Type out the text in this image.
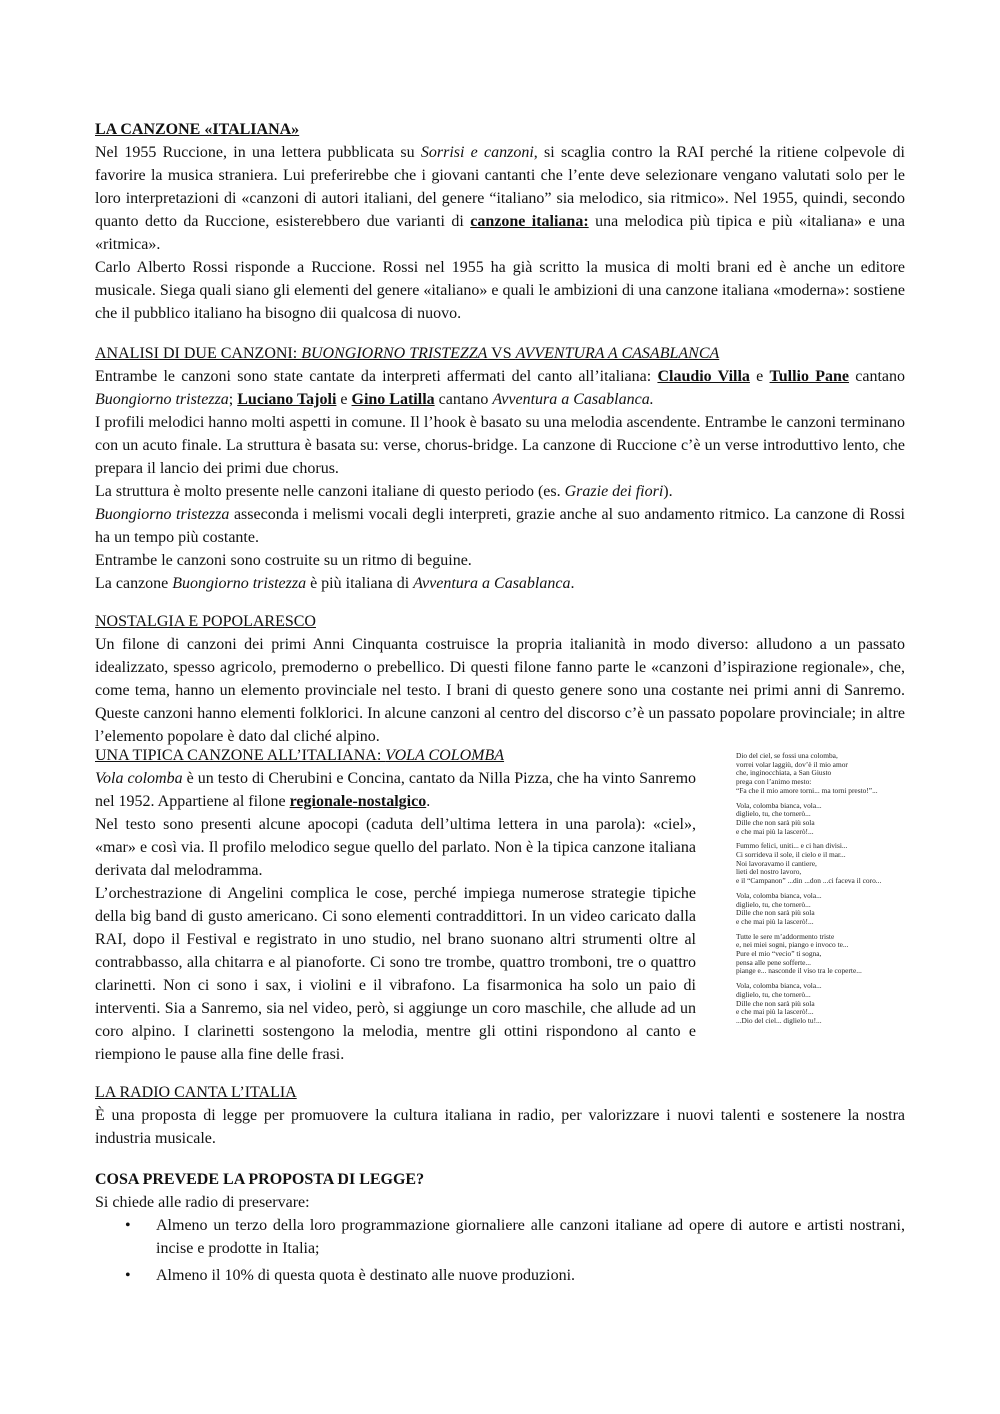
LA CANZONE «ITALIANA»

Nel 1955 Ruccione, in una lettera pubblicata su Sorrisi e canzoni, si scaglia contro la RAI perché la ritiene colpevole di favorire la musica straniera. Lui preferirebbe che i giovani cantanti che l’ente deve selezionare vengano valutati solo per le loro interpretazioni di «canzoni di autori italiani, del genere “italiano” sia melodico, sia ritmico». Nel 1955, quindi, secondo quanto detto da Ruccione, esisterebbero due varianti di canzone italiana: una melodica più tipica e più «italiana» e una «ritmica».

Carlo Alberto Rossi risponde a Ruccione. Rossi nel 1955 ha già scritto la musica di molti brani ed è anche un editore musicale. Siega quali siano gli elementi del genere «italiano» e quali le ambizioni di una canzone italiana «moderna»: sostiene che il pubblico italiano ha bisogno dii qualcosa di nuovo.

ANALISI DI DUE CANZONI: BUONGIORNO TRISTEZZA VS AVVENTURA A CASABLANCA

Entrambe le canzoni sono state cantate da interpreti affermati del canto all’italiana: Claudio Villa e Tullio Pane cantano Buongiorno tristezza; Luciano Tajoli e Gino Latilla cantano Avventura a Casablanca.

I profili melodici hanno molti aspetti in comune. Il l’hook è basato su una melodia ascendente. Entrambe le canzoni terminano con un acuto finale. La struttura è basata su: verse, chorus-bridge. La canzone di Ruccione c’è un verse introduttivo lento, che prepara il lancio dei primi due chorus.

La struttura è molto presente nelle canzoni italiane di questo periodo (es. Grazie dei fiori).

Buongiorno tristezza asseconda i melismi vocali degli interpreti, grazie anche al suo andamento ritmico. La canzone di Rossi ha un tempo più costante.

Entrambe le canzoni sono costruite su un ritmo di beguine.

La canzone Buongiorno tristezza è più italiana di Avventura a Casablanca.

NOSTALGIA E POPOLARESCO

Un filone di canzoni dei primi Anni Cinquanta costruisce la propria italianità in modo diverso: alludono a un passato idealizzato, spesso agricolo, premoderno o prebellico. Di questi filone fanno parte le «canzoni d’ispirazione regionale», che, come tema, hanno un elemento provinciale nel testo. I brani di questo genere sono una costante nei primi anni di Sanremo. Queste canzoni hanno elementi folklorici. In alcune canzoni al centro del discorso c’è un passato popolare provinciale; in altre l’elemento popolare è dato dal cliché alpino.

UNA TIPICA CANZONE ALL’ITALIANA: VOLA COLOMBA

Vola colomba è un testo di Cherubini e Concina, cantato da Nilla Pizza, che ha vinto Sanremo nel 1952. Appartiene al filone regionale-nostalgico.

Nel testo sono presenti alcune apocopi (caduta dell’ultima lettera in una parola): «ciel», «mar» e così via. Il profilo melodico segue quello del parlato. Non è la tipica canzone italiana derivata dal melodramma.

L’orchestrazione di Angelini complica le cose, perché impiega numerose strategie tipiche della big band di gusto americano. Ci sono elementi contraddittori. In un video caricato dalla RAI, dopo il Festival e registrato in uno studio, nel brano suonano altri strumenti oltre al contrabbasso, alla chitarra e al pianoforte. Ci sono tre trombe, quattro tromboni, tre o quattro clarinetti. Non ci sono i sax, i violini e il vibrafono. La fisarmonica ha solo un paio di interventi. Sia a Sanremo, sia nel video, però, si aggiunge un coro maschile, che allude ad un coro alpino. I clarinetti sostengono la melodia, mentre gli ottini rispondono al canto e riempiono le pause alla fine delle frasi.

Dio del ciel, se fossi una colomba,
vorrei volar laggiù, dov’è il mio amor
che, inginocchiata, a San Giusto
prega con l’animo mesto:
“Fa che il mio amore torni... ma torni presto!”...
Vola, colomba bianca, vola...
diglielo, tu, che tornerò...
Dille che non sarà più sola
e che mai più la lascerò!...
Fummo felici, uniti... e ci han divisi...
Ci sorrideva il sole, il cielo e il mar...
Noi lavoravamo il cantiere,
lieti del nostro lavoro,
e il “Campanon” ...din ...don ...ci faceva il coro...
Vola, colomba bianca, vola...
diglielo, tu, che tornerò...
Dille che non sarà più sola
e che mai più la lascerò!...
Tutte le sere m’addormento triste
e, nei miei sogni, piango e invoco te...
Pure el mio “vecio” ti sogna,
pensa alle pene sofferte...
piange e... nasconde il viso tra le coperte...
Vola, colomba bianca, vola...
diglielo, tu, che tornerò...
Dille che non sarà più sola
e che mai più la lascerò!...
...Dio del ciel... diglielo tu!...

LA RADIO CANTA L’ITALIA

È una proposta di legge per promuovere la cultura italiana in radio, per valorizzare i nuovi talenti e sostenere la nostra industria musicale.

COSA PREVEDE LA PROPOSTA DI LEGGE?

Si chiede alle radio di preservare:

• Almeno un terzo della loro programmazione giornaliere alle canzoni italiane ad opere di autore e artisti nostrani, incise e prodotte in Italia;
• Almeno il 10% di questa quota è destinato alle nuove produzioni.
